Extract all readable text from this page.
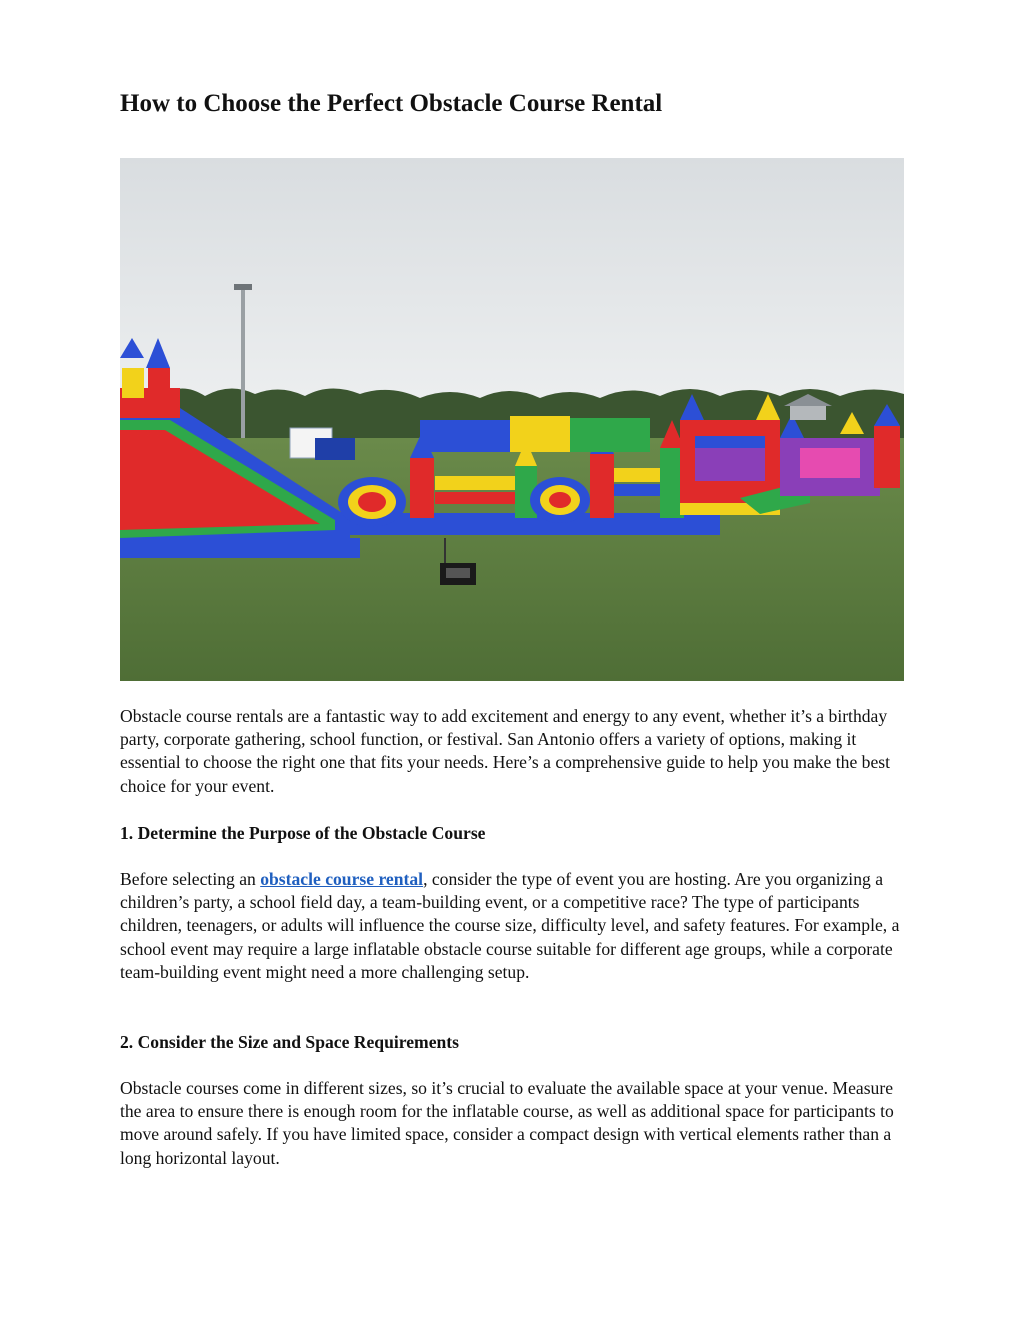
How to Choose the Perfect Obstacle Course Rental

Obstacle course rentals are a fantastic way to add excitement and energy to any event, whether it’s a birthday party, corporate gathering, school function, or festival. San Antonio offers a variety of options, making it essential to choose the right one that fits your needs. Here’s a comprehensive guide to help you make the best choice for your event.

1. Determine the Purpose of the Obstacle Course

Before selecting an obstacle course rental, consider the type of event you are hosting. Are you organizing a children’s party, a school field day, a team-building event, or a competitive race? The type of participants children, teenagers, or adults will influence the course size, difficulty level, and safety features. For example, a school event may require a large inflatable obstacle course suitable for different age groups, while a corporate team-building event might need a more challenging setup.

2. Consider the Size and Space Requirements

Obstacle courses come in different sizes, so it’s crucial to evaluate the available space at your venue. Measure the area to ensure there is enough room for the inflatable course, as well as additional space for participants to move around safely. If you have limited space, consider a compact design with vertical elements rather than a long horizontal layout.
